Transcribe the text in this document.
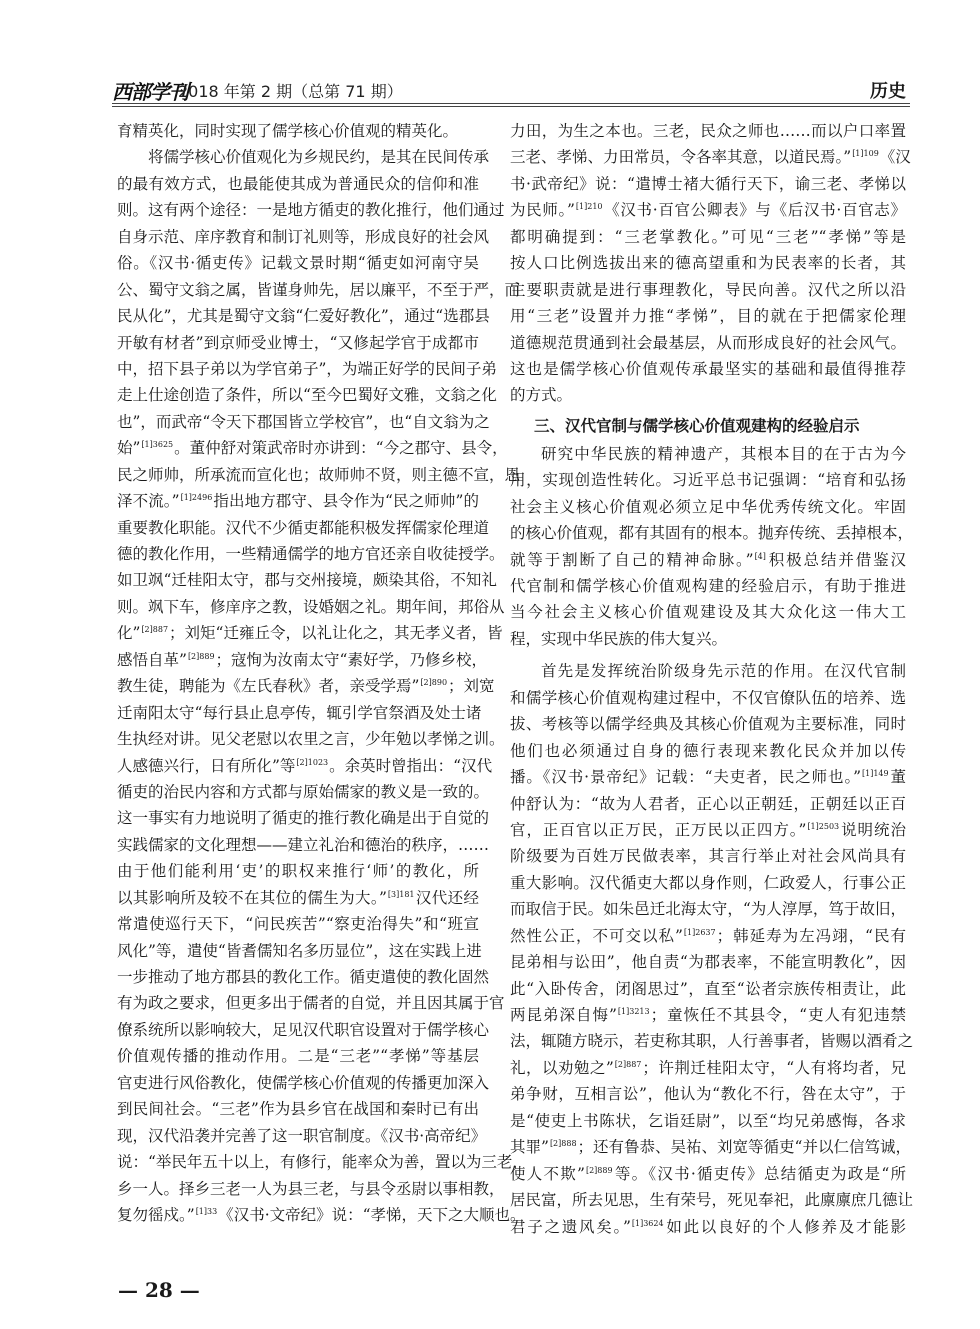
西部学刊
2018 年第 2 期（总第 71 期）	历史
育精英化，同时实现了儒学核心价值观的精英化。
将儒学核心价值观化为乡规民约，是其在民间传承
的最有效方式，也最能使其成为普通民众的信仰和准
则。这有两个途径：一是地方循吏的教化推行，他们通过
自身示范、庠序教育和制订礼则等，形成良好的社会风
俗。《汉书·循吏传》记载文景时期“循吏如河南守吴
公、蜀守文翁之属，皆谨身帅先，居以廉平，不至于严，而
民从化”，尤其是蜀守文翁“仁爱好教化”，通过“选郡县
开敏有材者”到京师受业博士，“又修起学官于成都市
中，招下县子弟以为学官弟子”，为端正好学的民间子弟
走上仕途创造了条件，所以“至今巴蜀好文雅，文翁之化
也”，而武帝“令天下郡国皆立学校官”，也“自文翁为之
始”$^{[1]3625}$。董仲舒对策武帝时亦讲到：“今之郡守、县令，
民之师帅，所承流而宣化也；故师帅不贤，则主德不宣，恩
泽不流。”$^{[1]2496}$指出地方郡守、县令作为“民之师帅”的
重要教化职能。汉代不少循吏都能积极发挥儒家伦理道
德的教化作用，一些精通儒学的地方官还亲自收徒授学。
如卫飒“迁桂阳太守，郡与交州接境，颇染其俗，不知礼
则。飒下车，修庠序之教，设婚姻之礼。期年间，邦俗从
化”$^{[2]887}$；刘矩“迁雍丘令，以礼让化之，其无孝义者，皆
感悟自革”$^{[2]889}$；寇恂为汝南太守“素好学，乃修乡校，
教生徒，聘能为《左氏春秋》者，亲受学焉”$^{[2]890}$；刘宽
迁南阳太守“每行县止息亭传，辄引学官祭酒及处士诸
生执经对讲。见父老慰以农里之言，少年勉以孝悌之训。
人感德兴行，日有所化”等$^{[2]1023}$。余英时曾指出：“汉代
循吏的治民内容和方式都与原始儒家的教义是一致的。
这一事实有力地说明了循吏的推行教化确是出于自觉的
实践儒家的文化理想——建立礼治和德治的秩序，……
由于他们能利用‘吏’的职权来推行‘师’的教化，所
以其影响所及较不在其位的儒生为大。”$^{[3]181}$汉代还经
常遣使巡行天下，“问民疾苦”“察吏治得失”和“班宣
风化”等，遣使“皆耆儒知名多历显位”，这在实践上进
一步推动了地方郡县的教化工作。循吏遣使的教化固然
有为政之要求，但更多出于儒者的自觉，并且因其属于官
僚系统所以影响较大，足见汉代职官设置对于儒学核心
价值观传播的推动作用。二是“三老”“孝悌”等基层
官吏进行风俗教化，使儒学核心价值观的传播更加深入
到民间社会。“三老”作为县乡官在战国和秦时已有出
现，汉代沿袭并完善了这一职官制度。《汉书·高帝纪》
说：“举民年五十以上，有修行，能率众为善，置以为三老，
乡一人。择乡三老一人为县三老，与县令丞尉以事相教，
复勿徭戍。”$^{[1]33}$《汉书·文帝纪》说：“孝悌，天下之大顺也。
力田，为生之本也。三老，民众之师也……而以户口率置
三老、孝悌、力田常员，令各率其意，以道民焉。”$^{[1]109}$《汉
书·武帝纪》说：“遣博士褚大循行天下，谕三老、孝悌以
为民师。”$^{[1]210}$《汉书·百官公卿表》与《后汉书·百官志》
都明确提到：“三老掌教化。”可见“三老”“孝悌”等是
按人口比例选拔出来的德高望重和为民表率的长者，其
主要职责就是进行事理教化，导民向善。汉代之所以沿
用“三老”设置并力推“孝悌”，目的就在于把儒家伦理
道德规范贯通到社会最基层，从而形成良好的社会风气。
这也是儒学核心价值观传承最坚实的基础和最值得推荐
的方式。
三、汉代官制与儒学核心价值观建构的经验启示
研究中华民族的精神遗产，其根本目的在于古为今
用，实现创造性转化。习近平总书记强调：“培育和弘扬
社会主义核心价值观必须立足中华优秀传统文化。牢固
的核心价值观，都有其固有的根本。抛弃传统、丢掉根本，
就等于割断了自己的精神命脉。”[4]积极总结并借鉴汉
代官制和儒学核心价值观构建的经验启示，有助于推进
当今社会主义核心价值观建设及其大众化这一伟大工
程，实现中华民族的伟大复兴。
首先是发挥统治阶级身先示范的作用。在汉代官制
和儒学核心价值观构建过程中，不仅官僚队伍的培养、选
拔、考核等以儒学经典及其核心价值观为主要标准，同时
他们也必须通过自身的德行表现来教化民众并加以传
播。《汉书·景帝纪》记载：“夫吏者，民之师也。”$^{[1]149}$董
仲舒认为：“故为人君者，正心以正朝廷，正朝廷以正百
官，正百官以正万民，正万民以正四方。”$^{[1]2503}$说明统治
阶级要为百姓万民做表率，其言行举止对社会风尚具有
重大影响。汉代循吏大都以身作则，仁政爱人，行事公正
而取信于民。如朱邑迁北海太守，“为人淳厚，笃于故旧，
然性公正，不可交以私”$^{[1]2637}$；韩延寿为左冯翊，“民有
昆弟相与讼田”，他自责“为郡表率，不能宣明教化”，因
此“入卧传舍，闭阁思过”，直至“讼者宗族传相责让，此
两昆弟深自悔”$^{[1]3213}$；童恢任不其县令，“吏人有犯违禁
法，辄随方晓示，若吏称其职，人行善事者，皆赐以酒肴之
礼，以劝勉之”$^{[2]887}$；许荆迁桂阳太守，“人有将均者，兄
弟争财，互相言讼”，他认为“教化不行，咎在太守”，于
是“使吏上书陈状，乞诣廷尉”，以至“均兄弟感悔，各求
其罪”$^{[2]888}$；还有鲁恭、吴祐、刘宽等循吏“并以仁信笃诚，
使人不欺”$^{[2]889}$等。《汉书·循吏传》总结循吏为政是“所
居民富，所去见思，生有荣号，死见奉祀，此廪廪庶几德让
君子之遗风矣。”$^{[1]3624}$如此以良好的个人修养及才能影
— 28 —
